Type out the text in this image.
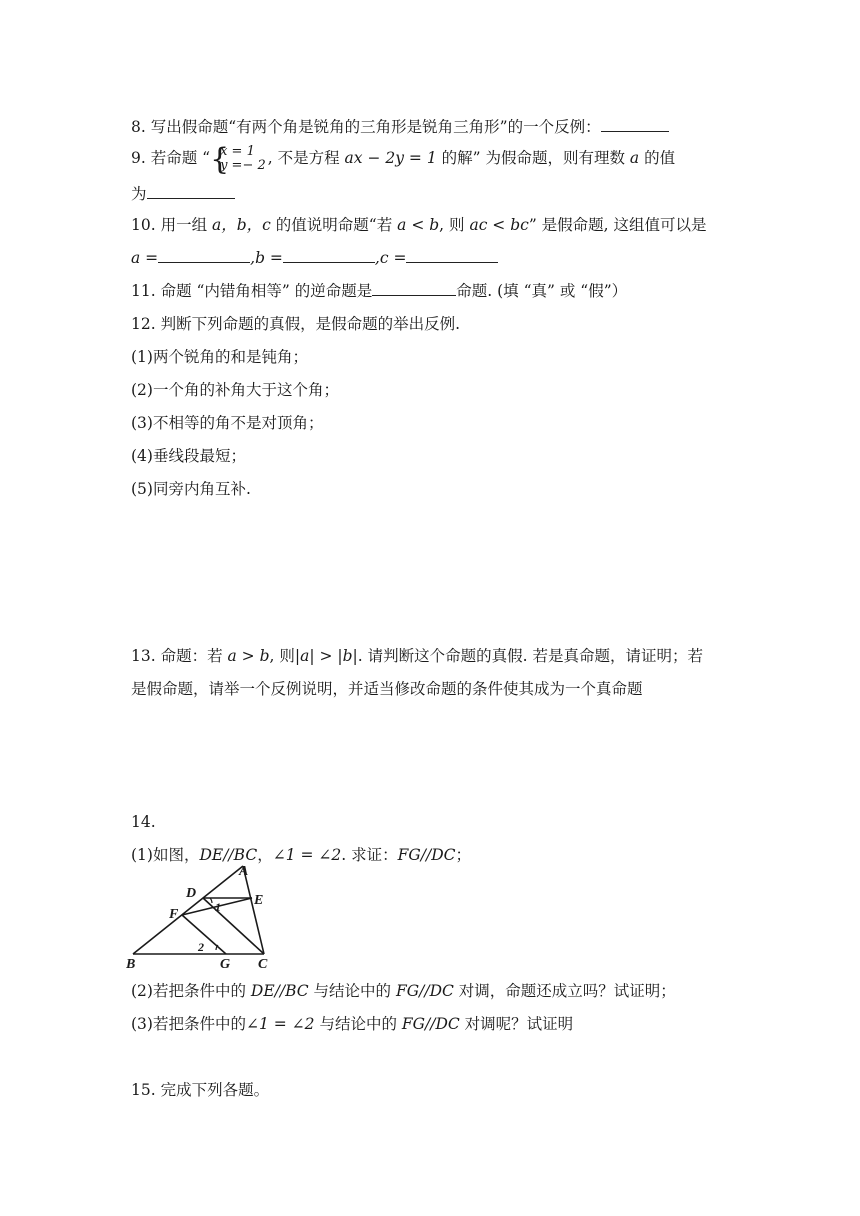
8. 写出假命题“有两个角是锐角的三角形是锐角三角形”的一个反例：
9. 若命题 “ {
x = 1
y =− 2 , 不是方程 ax − 2y = 1 的解” 为假命题，则有理数 a 的值
为
10. 用一组 a，b，c 的值说明命题“若 a < b, 则 ac < bc” 是假命题, 这组值可以是
a =	,b =	,c =
11. 命题 “内错角相等” 的逆命题是	命题. (填 “真” 或 “假”）
12. 判断下列命题的真假，是假命题的举出反例.
(1)两个锐角的和是钝角；
(2)一个角的补角大于这个角；
(3)不相等的角不是对顶角；
(4)垂线段最短；
(5)同旁内角互补.
13. 命题：若 a > b, 则|a| > |b|. 请判断这个命题的真假. 若是真命题，请证明；若
是假命题，请举一个反例说明，并适当修改命题的条件使其成为一个真命题
14.
(1)如图，DE//BC，∠1 = ∠2. 求证：FG//DC；
A
B	C
D	E
F
G
1
2
(2)若把条件中的 DE//BC 与结论中的 FG//DC 对调，命题还成立吗？试证明；
(3)若把条件中的∠1 = ∠2 与结论中的 FG//DC 对调呢？试证明
15. 完成下列各题。
